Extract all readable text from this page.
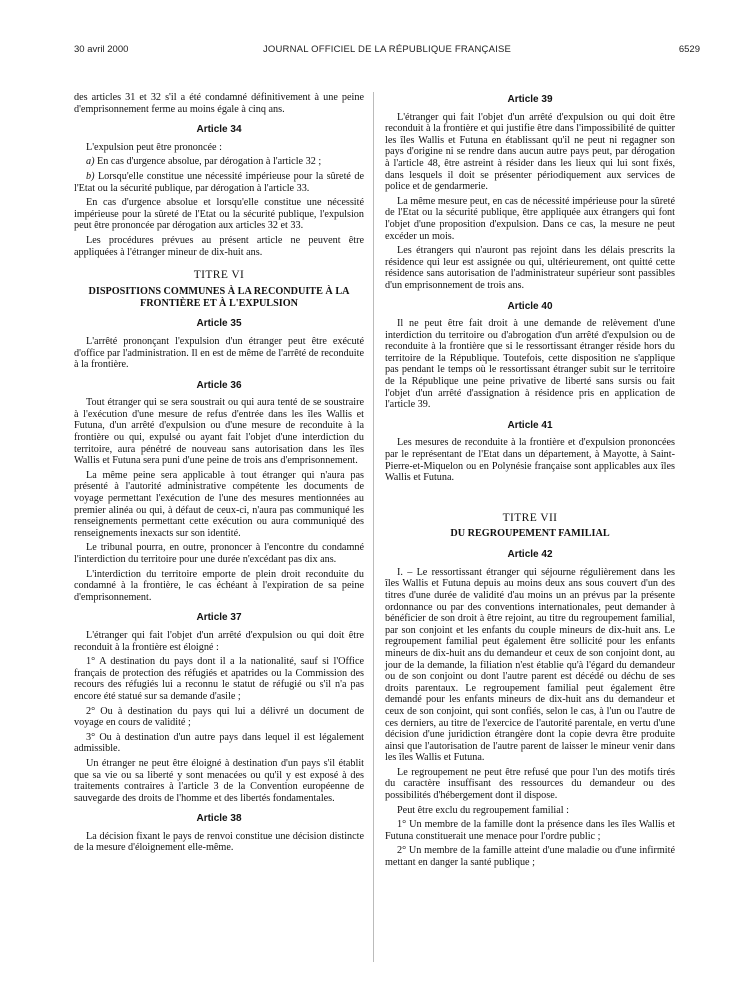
30 avril 2000	JOURNAL OFFICIEL DE LA RÉPUBLIQUE FRANÇAISE	6529

des articles 31 et 32 s'il a été condamné définitivement à une peine d'emprisonnement ferme au moins égale à cinq ans.

Article 34

L'expulsion peut être prononcée :

a) En cas d'urgence absolue, par dérogation à l'article 32 ;

b) Lorsqu'elle constitue une nécessité impérieuse pour la sûreté de l'Etat ou la sécurité publique, par dérogation à l'article 33.

En cas d'urgence absolue et lorsqu'elle constitue une nécessité impérieuse pour la sûreté de l'Etat ou la sécurité publique, l'expulsion peut être prononcée par dérogation aux articles 32 et 33.

Les procédures prévues au présent article ne peuvent être appliquées à l'étranger mineur de dix-huit ans.

TITRE VI
DISPOSITIONS COMMUNES À LA RECONDUITE À LA FRONTIÈRE ET À L'EXPULSION
Article 35

L'arrêté prononçant l'expulsion d'un étranger peut être exécuté d'office par l'administration. Il en est de même de l'arrêté de reconduite à la frontière.

Article 36

Tout étranger qui se sera soustrait ou qui aura tenté de se soustraire à l'exécution d'une mesure de refus d'entrée dans les îles Wallis et Futuna, d'un arrêté d'expulsion ou d'une mesure de reconduite à la frontière ou qui, expulsé ou ayant fait l'objet d'une interdiction du territoire, aura pénétré de nouveau sans autorisation dans les îles Wallis et Futuna sera puni d'une peine de trois ans d'emprisonnement.

La même peine sera applicable à tout étranger qui n'aura pas présenté à l'autorité administrative compétente les documents de voyage permettant l'exécution de l'une des mesures mentionnées au premier alinéa ou qui, à défaut de ceux-ci, n'aura pas communiqué les renseignements permettant cette exécution ou aura communiqué des renseignements inexacts sur son identité.

Le tribunal pourra, en outre, prononcer à l'encontre du condamné l'interdiction du territoire pour une durée n'excédant pas dix ans.

L'interdiction du territoire emporte de plein droit reconduite du condamné à la frontière, le cas échéant à l'expiration de sa peine d'emprisonnement.

Article 37

L'étranger qui fait l'objet d'un arrêté d'expulsion ou qui doit être reconduit à la frontière est éloigné :

1° A destination du pays dont il a la nationalité, sauf si l'Office français de protection des réfugiés et apatrides ou la Commission des recours des réfugiés lui a reconnu le statut de réfugié ou s'il n'a pas encore été statué sur sa demande d'asile ;

2° Ou à destination du pays qui lui a délivré un document de voyage en cours de validité ;

3° Ou à destination d'un autre pays dans lequel il est légalement admissible.

Un étranger ne peut être éloigné à destination d'un pays s'il établit que sa vie ou sa liberté y sont menacées ou qu'il y est exposé à des traitements contraires à l'article 3 de la Convention européenne de sauvegarde des droits de l'homme et des libertés fondamentales.

Article 38

La décision fixant le pays de renvoi constitue une décision distincte de la mesure d'éloignement elle-même.

Article 39

L'étranger qui fait l'objet d'un arrêté d'expulsion ou qui doit être reconduit à la frontière et qui justifie être dans l'impossibilité de quitter les îles Wallis et Futuna en établissant qu'il ne peut ni regagner son pays d'origine ni se rendre dans aucun autre pays peut, par dérogation à l'article 48, être astreint à résider dans les lieux qui lui sont fixés, dans lesquels il doit se présenter périodiquement aux services de police et de gendarmerie.

La même mesure peut, en cas de nécessité impérieuse pour la sûreté de l'Etat ou la sécurité publique, être appliquée aux étrangers qui font l'objet d'une proposition d'expulsion. Dans ce cas, la mesure ne peut excéder un mois.

Les étrangers qui n'auront pas rejoint dans les délais prescrits la résidence qui leur est assignée ou qui, ultérieurement, ont quitté cette résidence sans autorisation de l'administrateur supérieur sont passibles d'un emprisonnement de trois ans.

Article 40

Il ne peut être fait droit à une demande de relèvement d'une interdiction du territoire ou d'abrogation d'un arrêté d'expulsion ou de reconduite à la frontière que si le ressortissant étranger réside hors du territoire de la République. Toutefois, cette disposition ne s'applique pas pendant le temps où le ressortissant étranger subit sur le territoire de la République une peine privative de liberté sans sursis ou fait l'objet d'un arrêté d'assignation à résidence pris en application de l'article 39.

Article 41

Les mesures de reconduite à la frontière et d'expulsion prononcées par le représentant de l'Etat dans un département, à Mayotte, à Saint-Pierre-et-Miquelon ou en Polynésie française sont applicables aux îles Wallis et Futuna.

TITRE VII
DU REGROUPEMENT FAMILIAL
Article 42

I. – Le ressortissant étranger qui séjourne régulièrement dans les îles Wallis et Futuna depuis au moins deux ans sous couvert d'un des titres d'une durée de validité d'au moins un an prévus par la présente ordonnance ou par des conventions internationales, peut demander à bénéficier de son droit à être rejoint, au titre du regroupement familial, par son conjoint et les enfants du couple mineurs de dix-huit ans. Le regroupement familial peut également être sollicité pour les enfants mineurs de dix-huit ans du demandeur et ceux de son conjoint dont, au jour de la demande, la filiation n'est établie qu'à l'égard du demandeur ou de son conjoint ou dont l'autre parent est décédé ou déchu de ses droits parentaux. Le regroupement familial peut également être demandé pour les enfants mineurs de dix-huit ans du demandeur et ceux de son conjoint, qui sont confiés, selon le cas, à l'un ou l'autre de ces derniers, au titre de l'exercice de l'autorité parentale, en vertu d'une décision d'une juridiction étrangère dont la copie devra être produite ainsi que l'autorisation de l'autre parent de laisser le mineur venir dans les îles Wallis et Futuna.

Le regroupement ne peut être refusé que pour l'un des motifs tirés du caractère insuffisant des ressources du demandeur ou des possibilités d'hébergement dont il dispose.

Peut être exclu du regroupement familial :

1° Un membre de la famille dont la présence dans les îles Wallis et Futuna constituerait une menace pour l'ordre public ;

2° Un membre de la famille atteint d'une maladie ou d'une infirmité mettant en danger la santé publique ;
